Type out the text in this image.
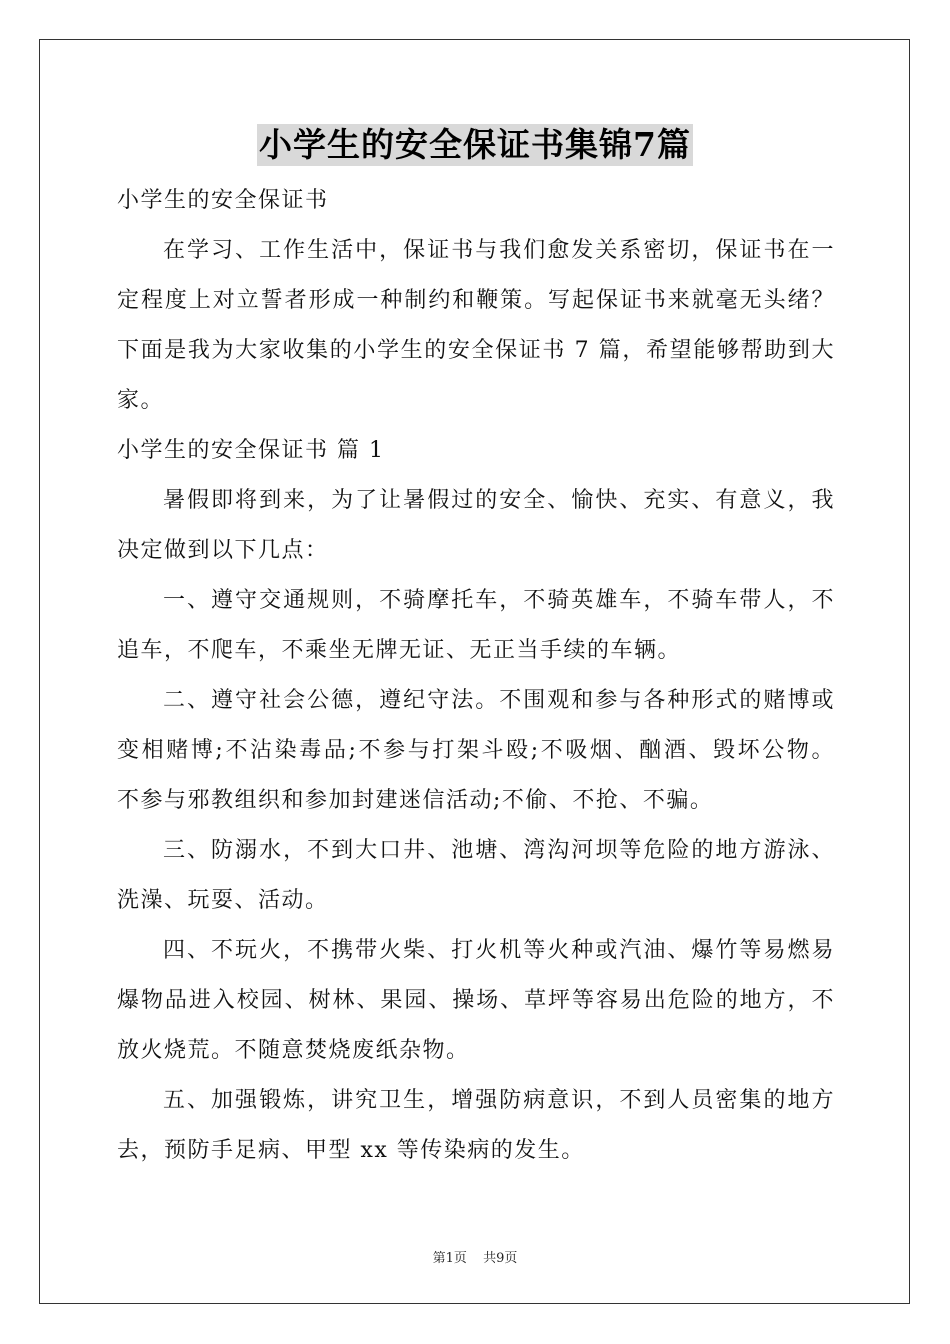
小学生的安全保证书集锦7篇
小学生的安全保证书
在学习、工作生活中，保证书与我们愈发关系密切，保证书在一
定程度上对立誓者形成一种制约和鞭策。写起保证书来就毫无头绪？
下面是我为大家收集的小学生的安全保证书 7 篇，希望能够帮助到大
家。
小学生的安全保证书 篇 1
暑假即将到来，为了让暑假过的安全、愉快、充实、有意义，我
决定做到以下几点：
一、遵守交通规则，不骑摩托车，不骑英雄车，不骑车带人，不
追车，不爬车，不乘坐无牌无证、无正当手续的车辆。
二、遵守社会公德，遵纪守法。不围观和参与各种形式的赌博或
变相赌博;不沾染毒品;不参与打架斗殴;不吸烟、酗酒、毁坏公物。
不参与邪教组织和参加封建迷信活动;不偷、不抢、不骗。
三、防溺水，不到大口井、池塘、湾沟河坝等危险的地方游泳、
洗澡、玩耍、活动。
四、不玩火，不携带火柴、打火机等火种或汽油、爆竹等易燃易
爆物品进入校园、树林、果园、操场、草坪等容易出危险的地方，不
放火烧荒。不随意焚烧废纸杂物。
五、加强锻炼，讲究卫生，增强防病意识，不到人员密集的地方
去，预防手足病、甲型 xx 等传染病的发生。
第1页 共9页
